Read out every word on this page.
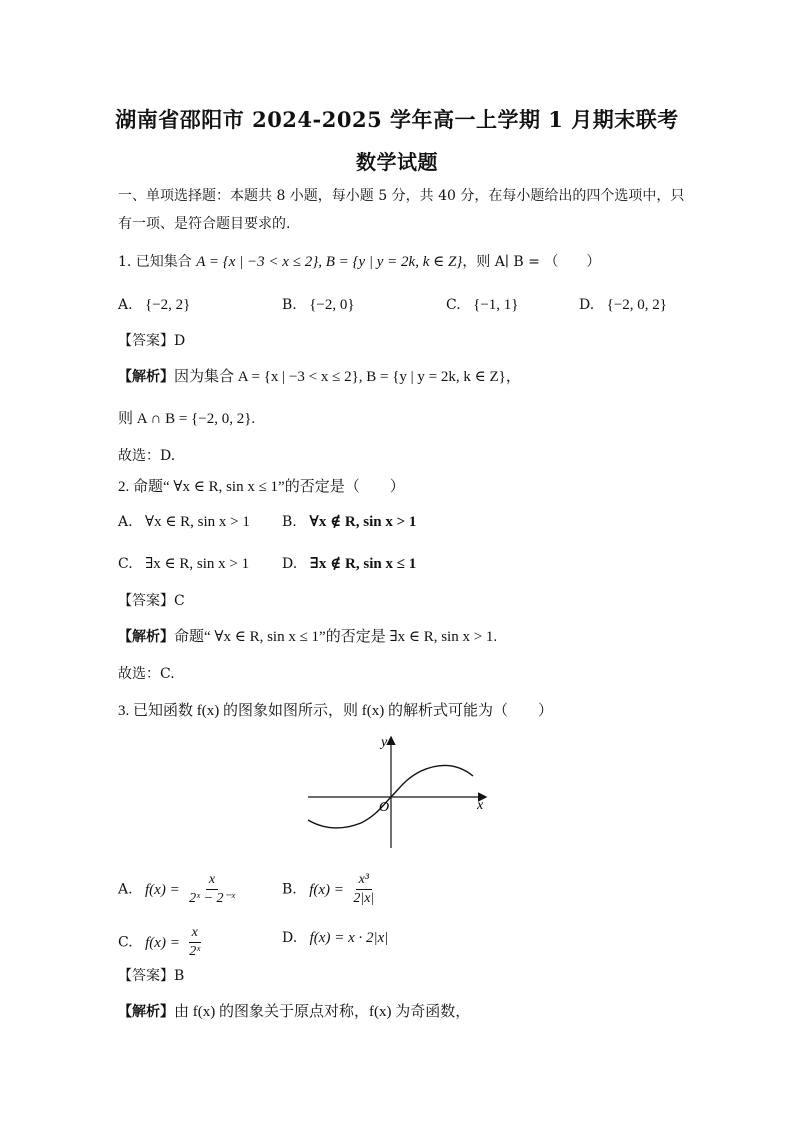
湖南省邵阳市 2024-2025 学年高一上学期 1 月期末联考
数学试题
一、单项选择题：本题共 8 小题，每小题 5 分，共 40 分，在每小题给出的四个选项中，只
有一项、是符合题目要求的.
1. 已知集合 A = {x | −3 < x ≤ 2}, B = {y | y = 2k, k ∈ Z}，则 A∣ B = （　　）
A. {−2, 2}	B. {−2, 0}	C. {−1, 1}	D. {−2, 0, 2}
【答案】D
【解析】因为集合 A = {x | −3 < x ≤ 2}, B = {y | y = 2k, k ∈ Z}，
则 A ∩ B = {−2, 0, 2}.
故选：D.
2. 命题“ ∀x ∈ R, sin x ≤ 1”的否定是（　　）
A. ∀x ∈ R, sin x > 1 B. ∀x ∉ R, sin x > 1
C. ∃x ∈ R, sin x > 1 D. ∃x ∉ R, sin x ≤ 1
【答案】C
【解析】命题“ ∀x ∈ R, sin x ≤ 1”的否定是 ∃x ∈ R, sin x > 1.
故选：C.
3. 已知函数 f(x) 的图象如图所示，则 f(x) 的解析式可能为（　　）
y
x
O
A. $f(x) = \frac{x}{\text{2ˣ − 2⁻ˣ}}$	B. $f(x) = \frac{\text{x³}}{2|x|}$
C. $f(x) = \frac{x}{\text{2ˣ}}$	D. f(x) = x · 2|x|
【答案】B
【解析】由 f(x) 的图象关于原点对称，f(x) 为奇函数，
